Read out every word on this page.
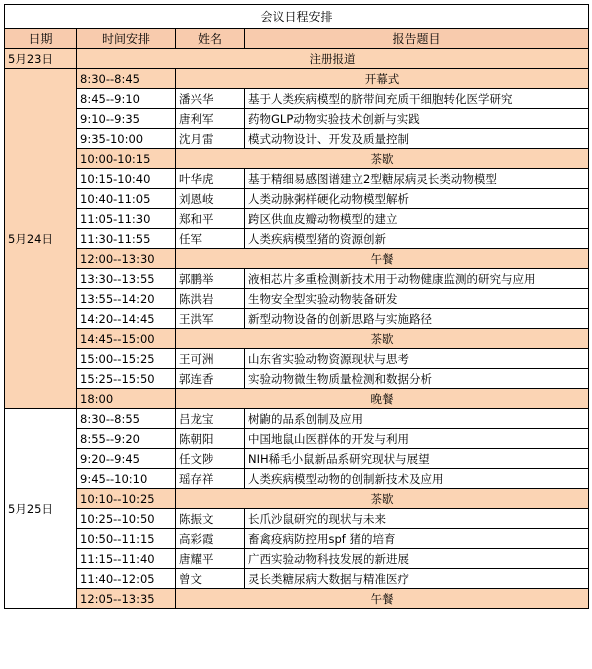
会议日程安排			
日期	时间安排	姓名	报告题目
5月23日	注册报道		
5月24日	8:30--8:45	开幕式	
	8:45--9:10	潘兴华	基于人类疾病模型的脐带间充质干细胞转化医学研究
	9:10--9:35	唐利军	药物GLP动物实验技术创新与实践
	9:35-10:00	沈月雷	模式动物设计、开发及质量控制
	10:00-10:15	茶歇	
	10:15-10:40	叶华虎	基于精细易感图谱建立2型糖尿病灵长类动物模型
	10:40-11:05	刘恩岐	人类动脉粥样硬化动物模型解析
	11:05-11:30	郑和平	跨区供血皮瓣动物模型的建立
	11:30-11:55	任军	人类疾病模型猪的资源创新
	12:00--13:30	午餐	
	13:30--13:55	郭鹏举	液相芯片多重检测新技术用于动物健康监测的研究与应用
	13:55--14:20	陈洪岩	生物安全型实验动物装备研发
	14:20--14:45	王洪军	新型动物设备的创新思路与实施路径
	14:45--15:00	茶歇	
	15:00--15:25	王可洲	山东省实验动物资源现状与思考
	15:25--15:50	郭连香	实验动物微生物质量检测和数据分析
	18:00	晚餐	
5月25日	8:30--8:55	吕龙宝	树鼩的品系创制及应用
	8:55--9:20	陈朝阳	中国地鼠山医群体的开发与利用
	9:20--9:45	任文陟	NIH稀毛小鼠新品系研究现状与展望
	9:45--10:10	瑶存祥	人类疾病模型动物的创制新技术及应用
	10:10--10:25	茶歇	
	10:25--10:50	陈振文	长爪沙鼠研究的现状与未来
	10:50--11:15	高彩霞	畜禽疫病防控用spf 猪的培育
	11:15--11:40	唐耀平	广西实验动物科技发展的新进展
	11:40--12:05	曾文	灵长类糖尿病大数据与精准医疗
	12:05--13:35	午餐	
